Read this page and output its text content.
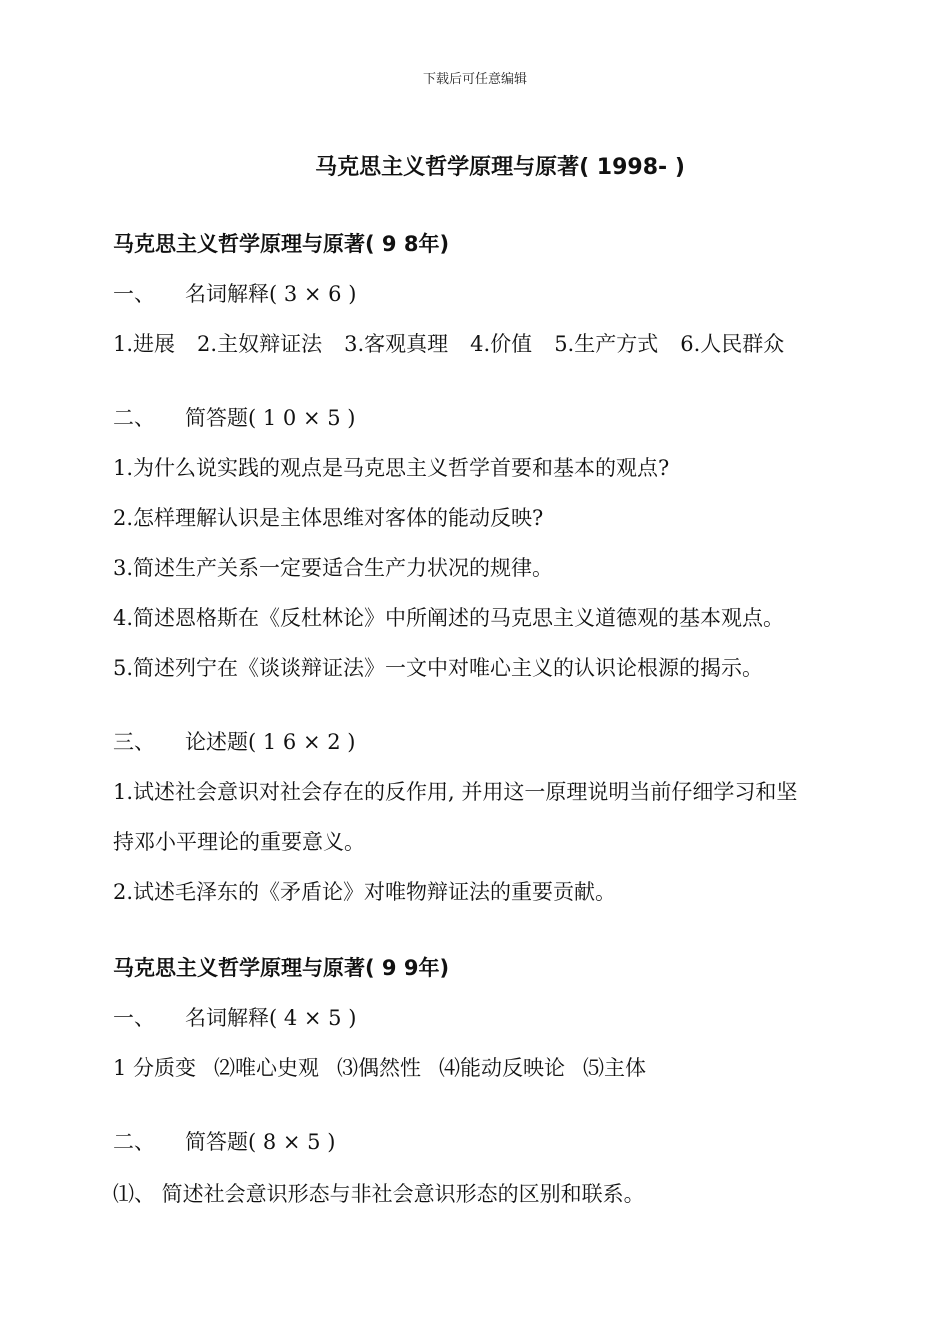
下载后可任意编辑
马克思主义哲学原理与原著( 1998- )
马克思主义哲学原理与原著( 9 8年)
一、 名词解释( 3 × 6 )
1.进展 2.主奴辩证法 3.客观真理 4.价值 5.生产方式 6.人民群众
二、 简答题( 1 0 × 5 )
1.为什么说实践的观点是马克思主义哲学首要和基本的观点?
2.怎样理解认识是主体思维对客体的能动反映?
3.简述生产关系一定要适合生产力状况的规律。
4.简述恩格斯在《反杜林论》中所阐述的马克思主义道德观的基本观点。
5.简述列宁在《谈谈辩证法》一文中对唯心主义的认识论根源的揭示。
三、 论述题( 1 6 × 2 )
1.试述社会意识对社会存在的反作用, 并用这一原理说明当前仔细学习和坚
持邓小平理论的重要意义。
2.试述毛泽东的《矛盾论》对唯物辩证法的重要贡献。
马克思主义哲学原理与原著( 9 9年)
一、 名词解释( 4 × 5 )
1 分质变 ⑵唯心史观 ⑶偶然性 ⑷能动反映论 ⑸主体
二、 简答题( 8 × 5 )
⑴、 简述社会意识形态与非社会意识形态的区别和联系。
